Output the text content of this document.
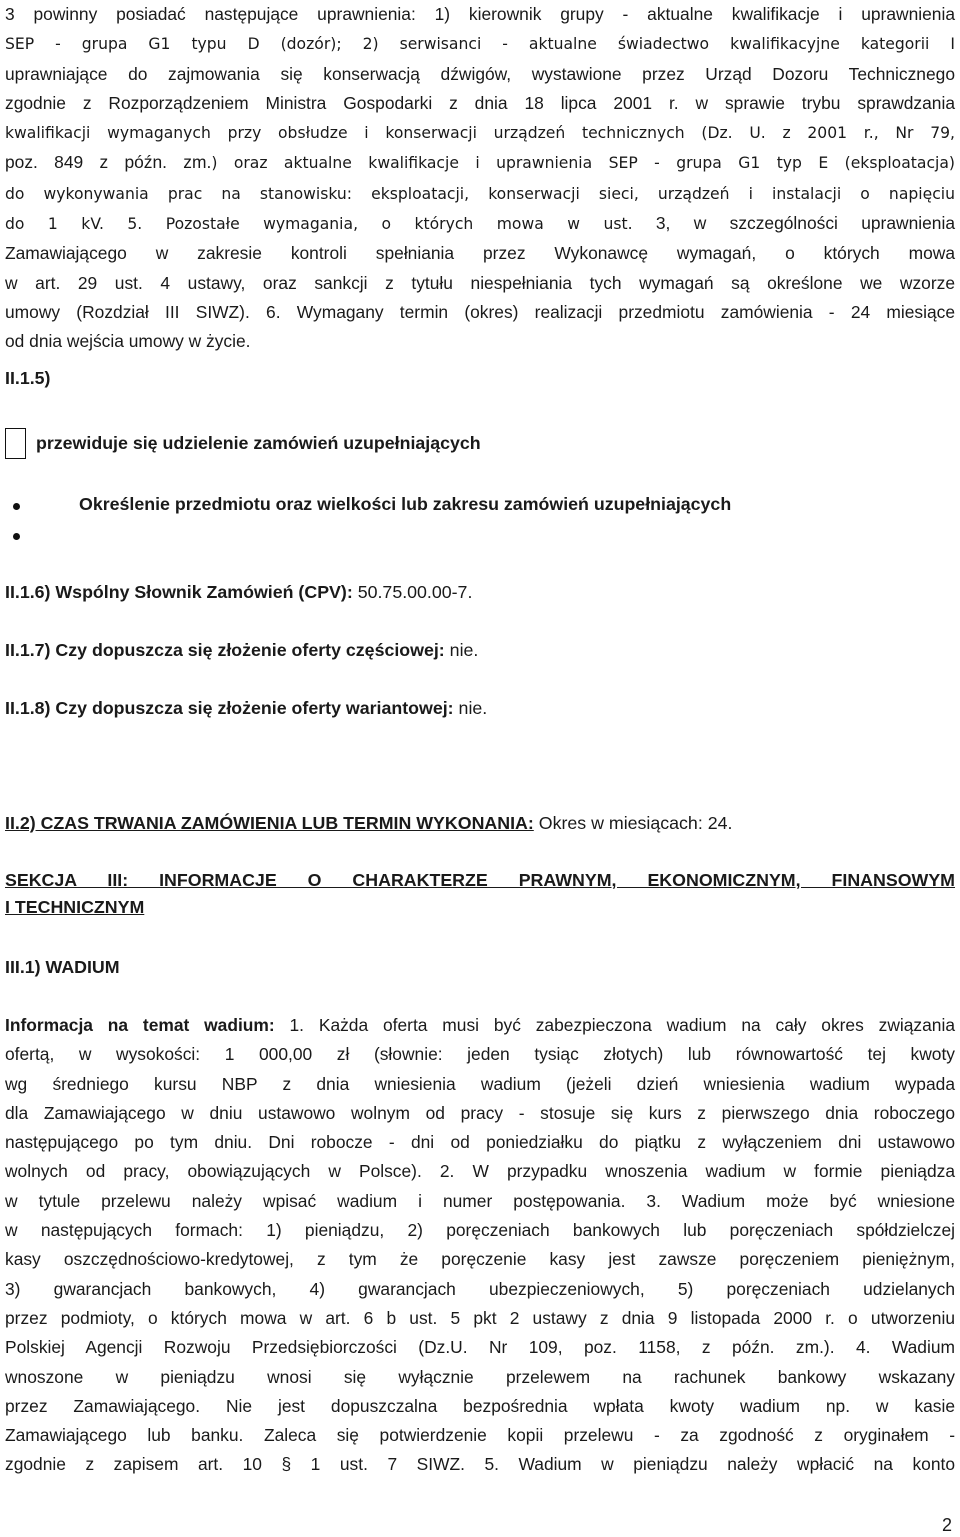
3 powinny posiadać następujące uprawnienia: 1) kierownik grupy - aktualne kwalifikacje i uprawnienia

SEP - grupa G1 typu D (dozór); 2) serwisanci - aktualne świadectwo kwalifikacyjne kategorii I

uprawniające do zajmowania się konserwacją dźwigów, wystawione przez Urząd Dozoru Technicznego

zgodnie z Rozporządzeniem Ministra Gospodarki z dnia 18 lipca 2001 r. w sprawie trybu sprawdzania

kwalifikacji wymaganych przy obsłudze i konserwacji urządzeń technicznych (Dz. U. z 2001 r., Nr 79,

poz. 849 z późn. zm.) oraz aktualne kwalifikacje i uprawnienia SEP - grupa G1 typ E (eksploatacja)

do wykonywania prac na stanowisku: eksploatacji, konserwacji sieci, urządzeń i instalacji o napięciu

do 1 kV. 5. Pozostałe wymagania, o których mowa w ust. 3, w szczególności uprawnienia

Zamawiającego w zakresie kontroli spełniania przez Wykonawcę wymagań, o których mowa

w art. 29 ust. 4 ustawy, oraz sankcji z tytułu niespełniania tych wymagań są określone we wzorze

umowy (Rozdział III SIWZ). 6. Wymagany termin (okres) realizacji przedmiotu zamówienia - 24 miesiące

od dnia wejścia umowy w życie.

II.1.5)
przewiduje się udzielenie zamówień uzupełniających
Określenie przedmiotu oraz wielkości lub zakresu zamówień uzupełniających
II.1.6) Wspólny Słownik Zamówień (CPV): 50.75.00.00-7.
II.1.7) Czy dopuszcza się złożenie oferty częściowej: nie.
II.1.8) Czy dopuszcza się złożenie oferty wariantowej: nie.
II.2) CZAS TRWANIA ZAMÓWIENIA LUB TERMIN WYKONANIA: Okres w miesiącach: 24.
SEKCJA III: INFORMACJE O CHARAKTERZE PRAWNYM, EKONOMICZNYM, FINANSOWYM
I TECHNICZNYM
III.1) WADIUM

Informacja na temat wadium: 1. Każda oferta musi być zabezpieczona wadium na cały okres związania

ofertą, w wysokości: 1 000,00 zł (słownie: jeden tysiąc złotych) lub równowartość tej kwoty

wg średniego kursu NBP z dnia wniesienia wadium (jeżeli dzień wniesienia wadium wypada

dla Zamawiającego w dniu ustawowo wolnym od pracy - stosuje się kurs z pierwszego dnia roboczego

następującego po tym dniu. Dni robocze - dni od poniedziałku do piątku z wyłączeniem dni ustawowo

wolnych od pracy, obowiązujących w Polsce). 2. W przypadku wnoszenia wadium w formie pieniądza

w tytule przelewu należy wpisać wadium i numer postępowania. 3. Wadium może być wniesione

w następujących formach: 1) pieniądzu, 2) poręczeniach bankowych lub poręczeniach spółdzielczej

kasy oszczędnościowo-kredytowej, z tym że poręczenie kasy jest zawsze poręczeniem pieniężnym,

3) gwarancjach bankowych, 4) gwarancjach ubezpieczeniowych, 5) poręczeniach udzielanych

przez podmioty, o których mowa w art. 6 b ust. 5 pkt 2 ustawy z dnia 9 listopada 2000 r. o utworzeniu

Polskiej Agencji Rozwoju Przedsiębiorczości (Dz.U. Nr 109, poz. 1158, z późn. zm.). 4. Wadium

wnoszone w pieniądzu wnosi się wyłącznie przelewem na rachunek bankowy wskazany

przez Zamawiającego. Nie jest dopuszczalna bezpośrednia wpłata kwoty wadium np. w kasie

Zamawiającego lub banku. Zaleca się potwierdzenie kopii przelewu - za zgodność z oryginałem -

zgodnie z zapisem art. 10 § 1 ust. 7 SIWZ. 5. Wadium w pieniądzu należy wpłacić na konto

2
